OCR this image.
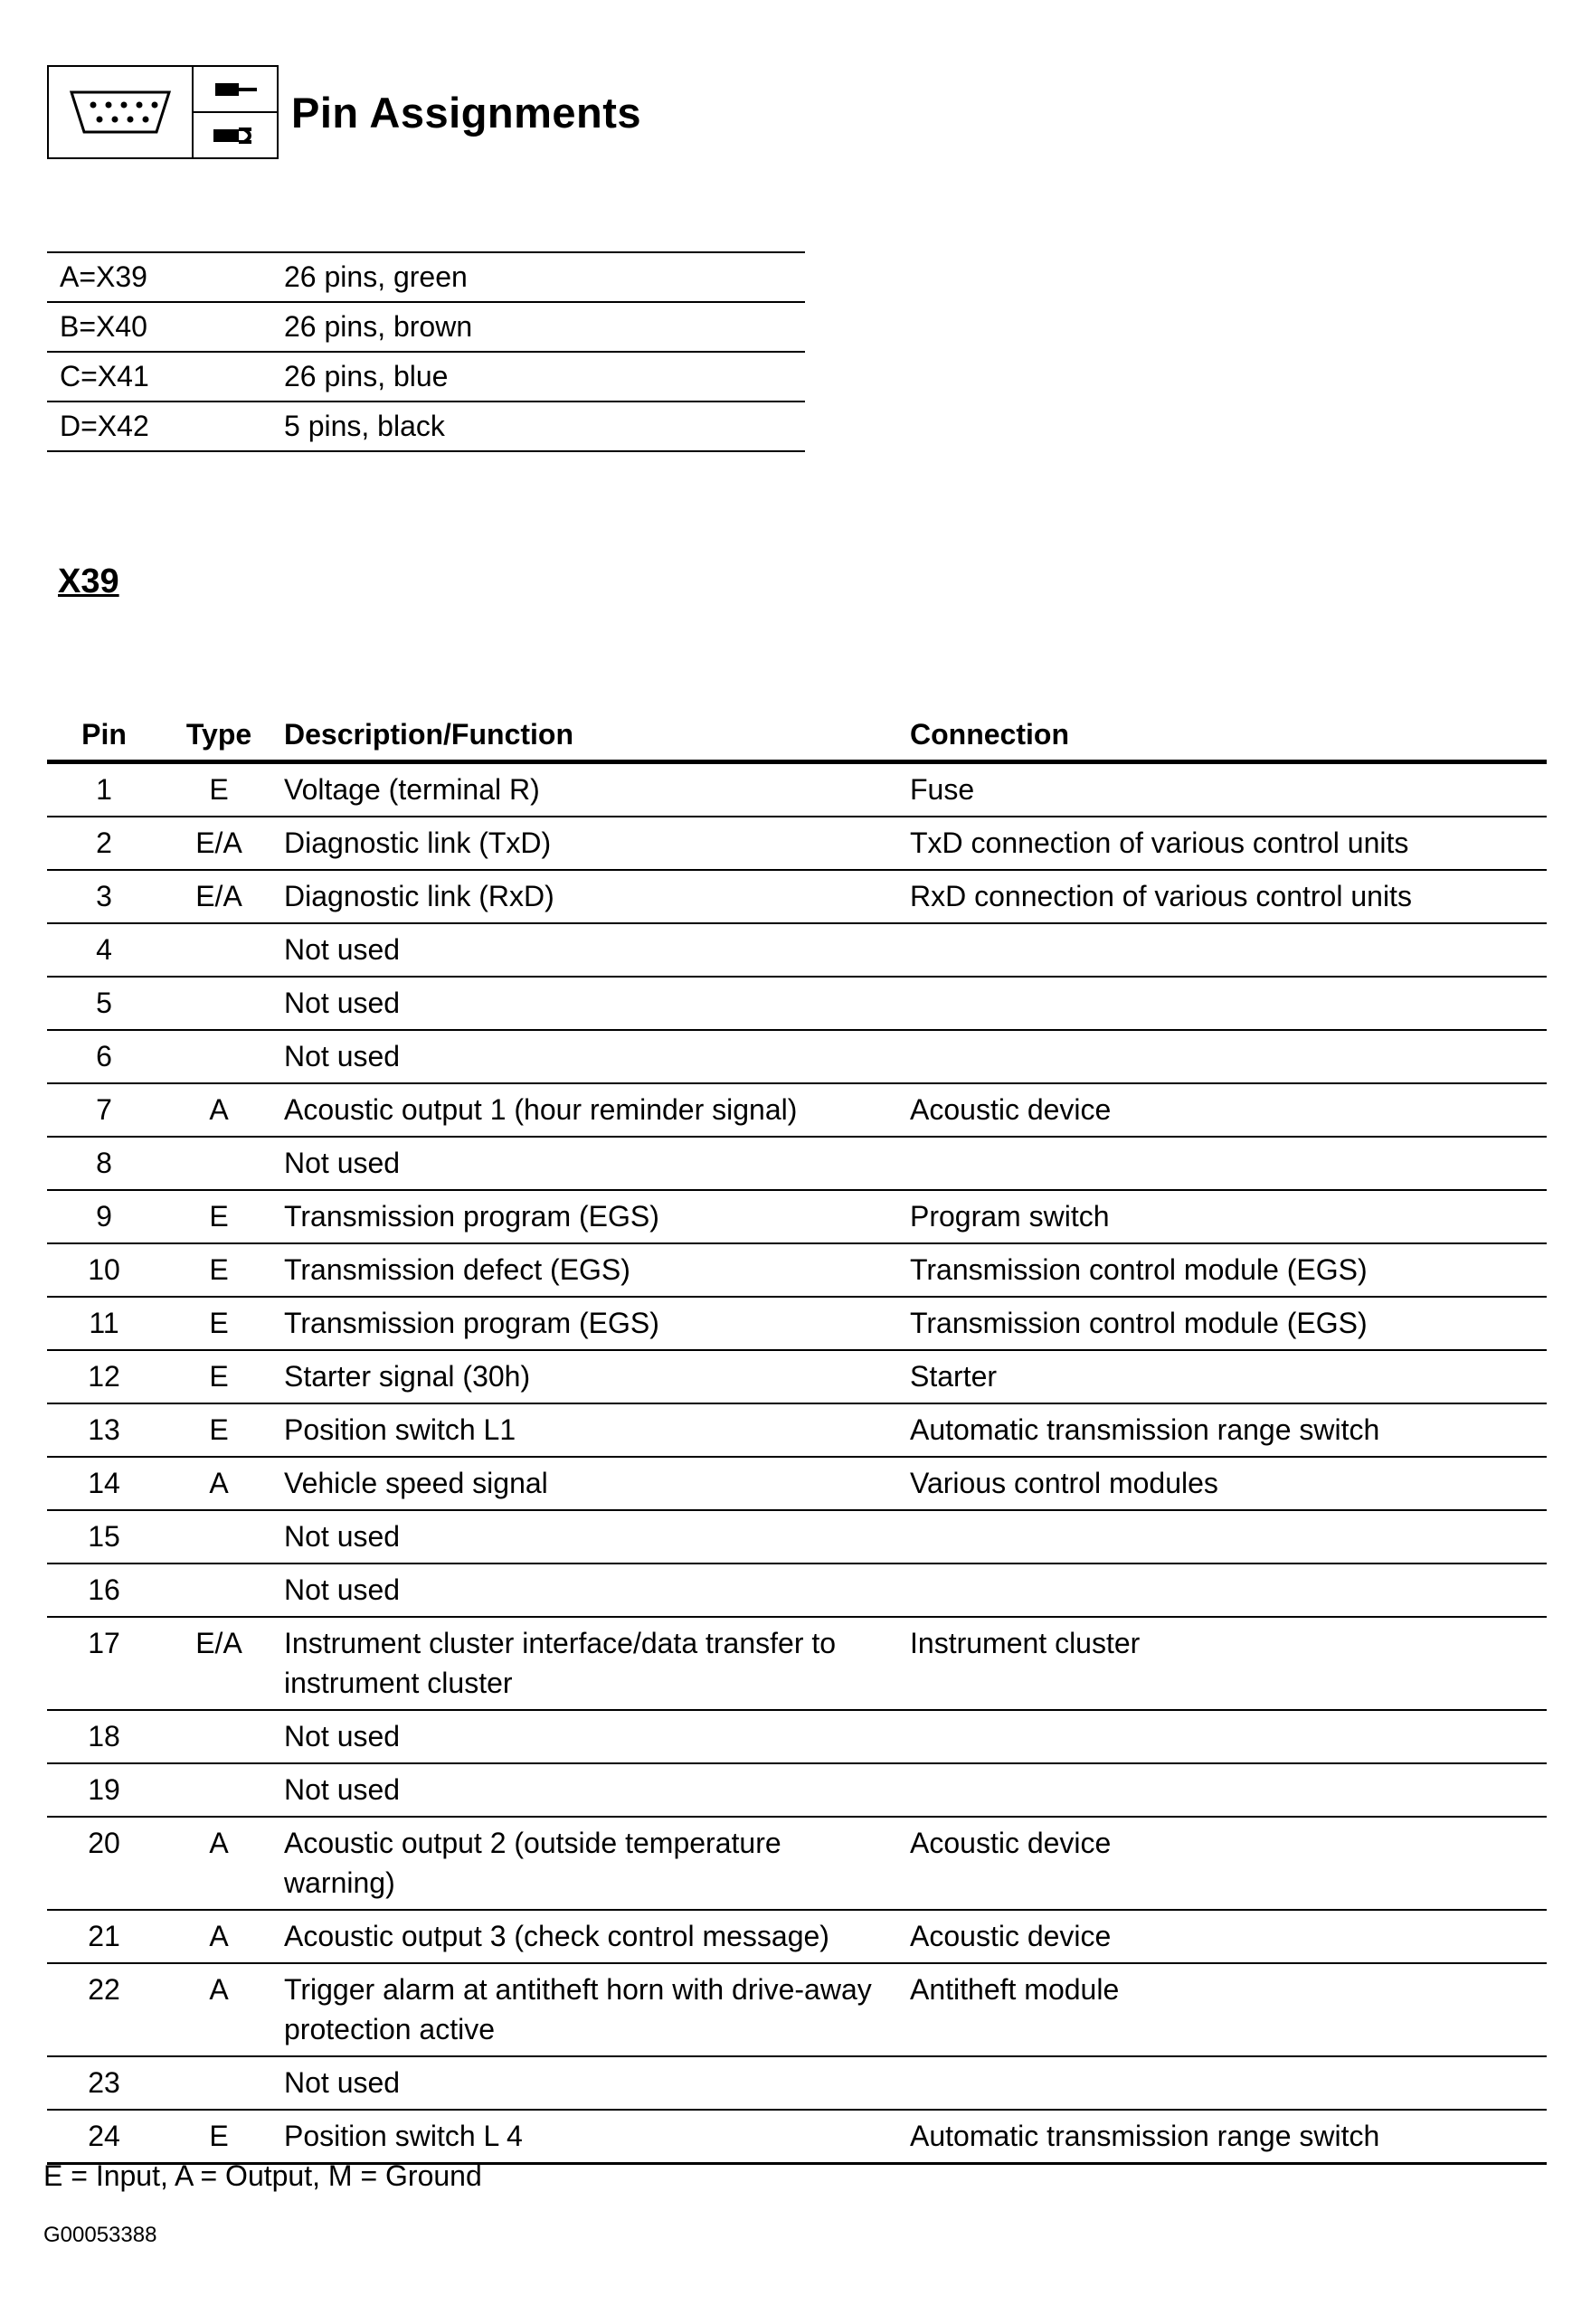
Pin Assignments
A=X39	26 pins, green
B=X40	26 pins, brown
C=X41	26 pins, blue
D=X42	5 pins, black
X39
Pin	Type	Description/Function	Connection
1	E	Voltage (terminal R)	Fuse
2	E/A	Diagnostic link (TxD)	TxD connection of various control units
3	E/A	Diagnostic link (RxD)	RxD connection of various control units
4		Not used	
5		Not used	
6		Not used	
7	A	Acoustic output 1 (hour reminder signal)	Acoustic device
8		Not used	
9	E	Transmission program (EGS)	Program switch
10	E	Transmission defect (EGS)	Transmission control module (EGS)
11	E	Transmission program (EGS)	Transmission control module (EGS)
12	E	Starter signal (30h)	Starter
13	E	Position switch L1	Automatic transmission range switch
14	A	Vehicle speed signal	Various control modules
15		Not used	
16		Not used	
17	E/A	Instrument cluster interface/data transfer to instrument cluster	Instrument cluster
18		Not used	
19		Not used	
20	A	Acoustic output 2 (outside temperature warning)	Acoustic device
21	A	Acoustic output 3 (check control message)	Acoustic device
22	A	Trigger alarm at antitheft horn with drive-away protection active	Antitheft module
23		Not used	
24	E	Position switch L 4	Automatic transmission range switch
E = Input, A = Output, M = Ground
G00053388
